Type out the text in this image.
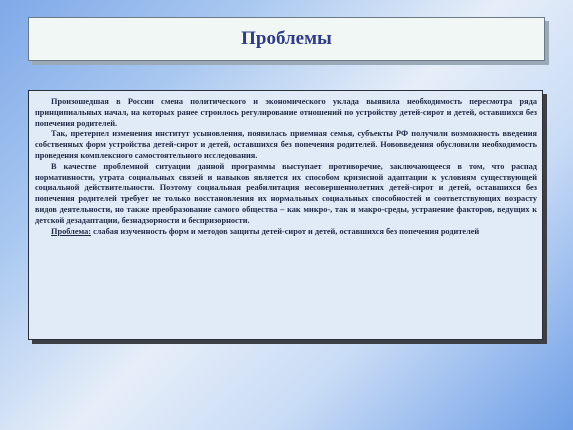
Проблемы

Произошедшая в России смена политического и экономического уклада выявила необходимость пересмотра ряда принципиальных начал, на которых ранее строилось регулирование отношений по устройству детей-сирот и детей, оставшихся без попечения родителей.

Так, претерпел изменения институт усыновления, появилась приемная семья, субъекты РФ получили возможность введения собственных форм устройства детей-сирот и детей, оставшихся без попечения родителей. Нововведения обусловили необходимость проведения комплексного самостоятельного исследования.

В качестве проблемной ситуации данной программы выступает противоречие, заключающееся в том, что распад нормативности, утрата социальных связей и навыков является их способом кризисной адаптации к условиям существующей социальной действительности. Поэтому социальная реабилитация несовершеннолетних детей-сирот и детей, оставшихся без попечения родителей требует не только восстановления их нормальных социальных способностей и соответствующих возрасту видов деятельности, но также преобразование самого общества – как микро-, так и макро-среды, устранение факторов, ведущих к детской дезадаптации, безнадзорности и беспризорности.

Проблема: слабая изученность форм и методов защиты детей-сирот и детей, оставшихся без попечения родителей
